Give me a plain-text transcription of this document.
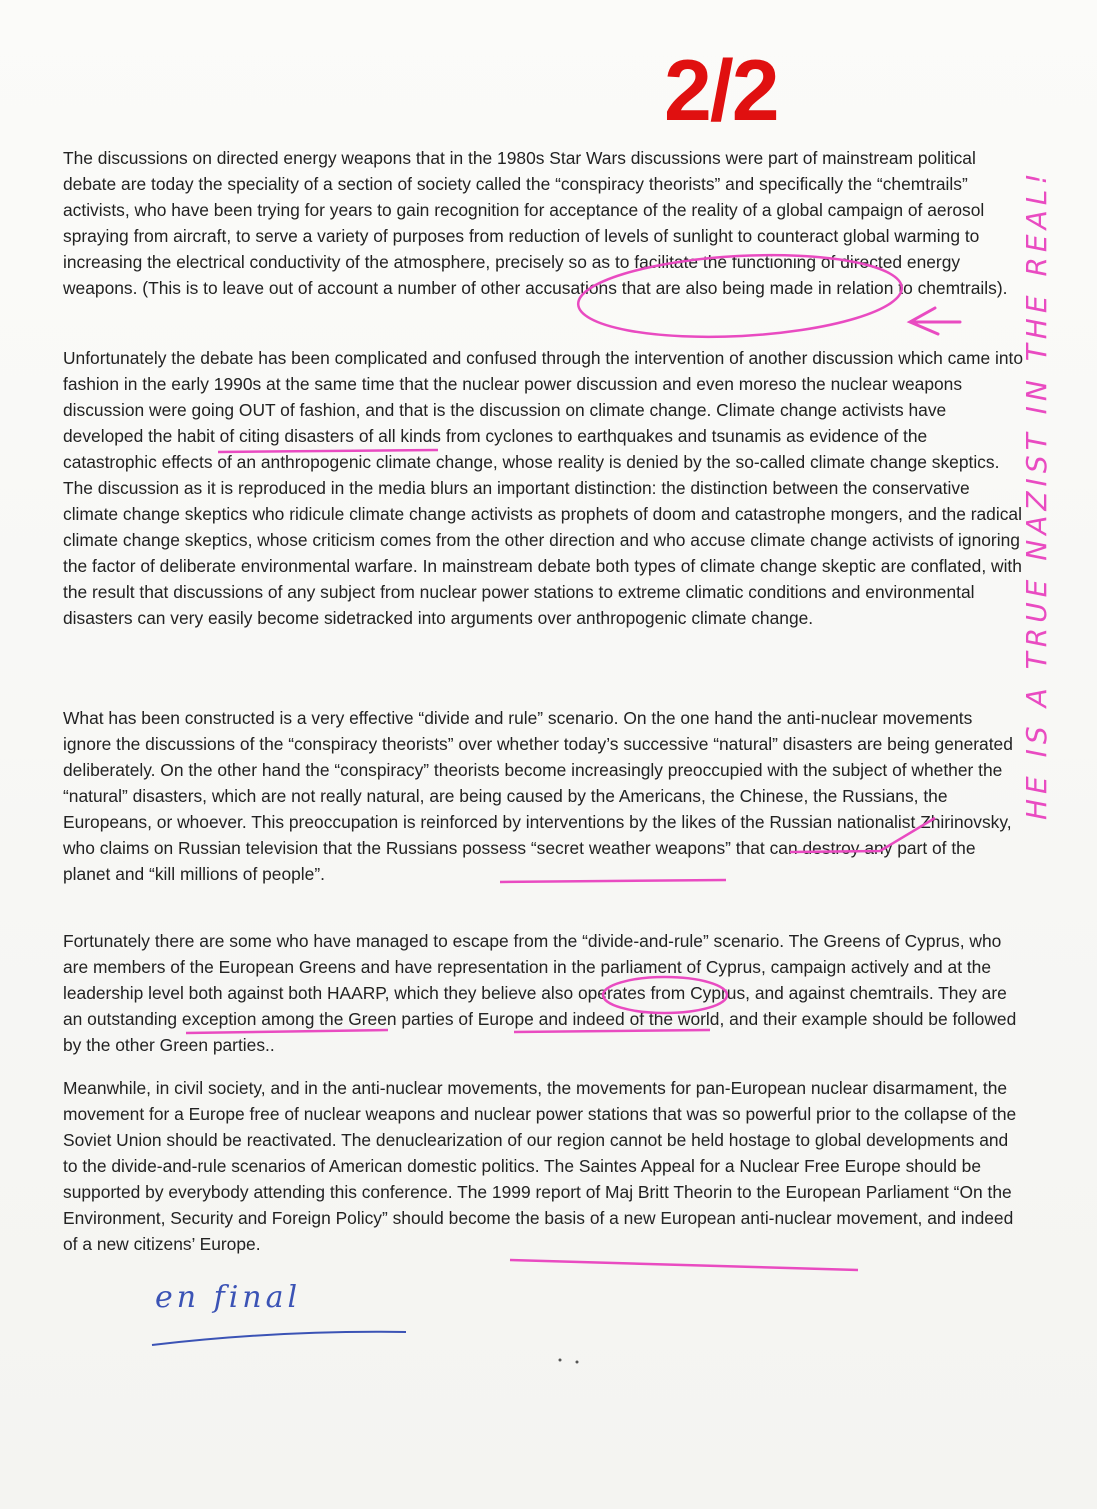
2/2

The discussions on directed energy weapons that in the 1980s Star Wars discussions were part of mainstream political debate are today the speciality of a section of society called the “conspiracy theorists” and specifically the “chemtrails” activists, who have been trying for years to gain recognition for acceptance of the reality of a global campaign of aerosol spraying from aircraft, to serve a variety of purposes from reduction of levels of sunlight to counteract global warming to increasing the electrical conductivity of the atmosphere, precisely so as to facilitate the functioning of directed energy weapons. (This is to leave out of account a number of other accusations that are also being made in relation to chemtrails).

Unfortunately the debate has been complicated and confused through the intervention of another discussion which came into fashion in the early 1990s at the same time that the nuclear power discussion and even moreso the nuclear weapons discussion were going OUT of fashion, and that is the discussion on climate change. Climate change activists have developed the habit of citing disasters of all kinds from cyclones to earthquakes and tsunamis as evidence of the catastrophic effects of an anthropogenic climate change, whose reality is denied by the so-called climate change skeptics. The discussion as it is reproduced in the media blurs an important distinction: the distinction between the conservative climate change skeptics who ridicule climate change activists as prophets of doom and catastrophe mongers, and the radical climate change skeptics, whose criticism comes from the other direction and who accuse climate change activists of ignoring the factor of deliberate environmental warfare. In mainstream debate both types of climate change skeptic are conflated, with the result that discussions of any subject from nuclear power stations to extreme climatic conditions and environmental disasters can very easily become sidetracked into arguments over anthropogenic climate change.

What has been constructed is a very effective “divide and rule” scenario. On the one hand the anti-nuclear movements ignore the discussions of the “conspiracy theorists” over whether today’s successive “natural” disasters are being generated deliberately. On the other hand the “conspiracy” theorists become increasingly preoccupied with the subject of whether the “natural” disasters, which are not really natural, are being caused by the Americans, the Chinese, the Russians, the Europeans, or whoever. This preoccupation is reinforced by interventions by the likes of the Russian nationalist Zhirinovsky, who claims on Russian television that the Russians possess “secret weather weapons” that can destroy any part of the planet and “kill millions of people”.

Fortunately there are some who have managed to escape from the “divide-and-rule” scenario. The Greens of Cyprus, who are members of the European Greens and have representation in the parliament of Cyprus, campaign actively and at the leadership level both against both HAARP, which they believe also operates from Cyprus, and against chemtrails. They are an outstanding exception among the Green parties of Europe and indeed of the world, and their example should be followed by the other Green parties..

Meanwhile, in civil society, and in the anti-nuclear movements, the movements for pan-European nuclear disarmament, the movement for a Europe free of nuclear weapons and nuclear power stations that was so powerful prior to the collapse of the Soviet Union should be reactivated. The denuclearization of our region cannot be held hostage to global developments and to the divide-and-rule scenarios of American domestic politics. The Saintes Appeal for a Nuclear Free Europe should be supported by everybody attending this conference. The 1999 report of Maj Britt Theorin to the European Parliament “On the Environment, Security and Foreign Policy” should become the basis of a new European anti-nuclear movement, and indeed of a new citizens’ Europe.

en final
HE IS A TRUE NAZIST IN THE REAL!
